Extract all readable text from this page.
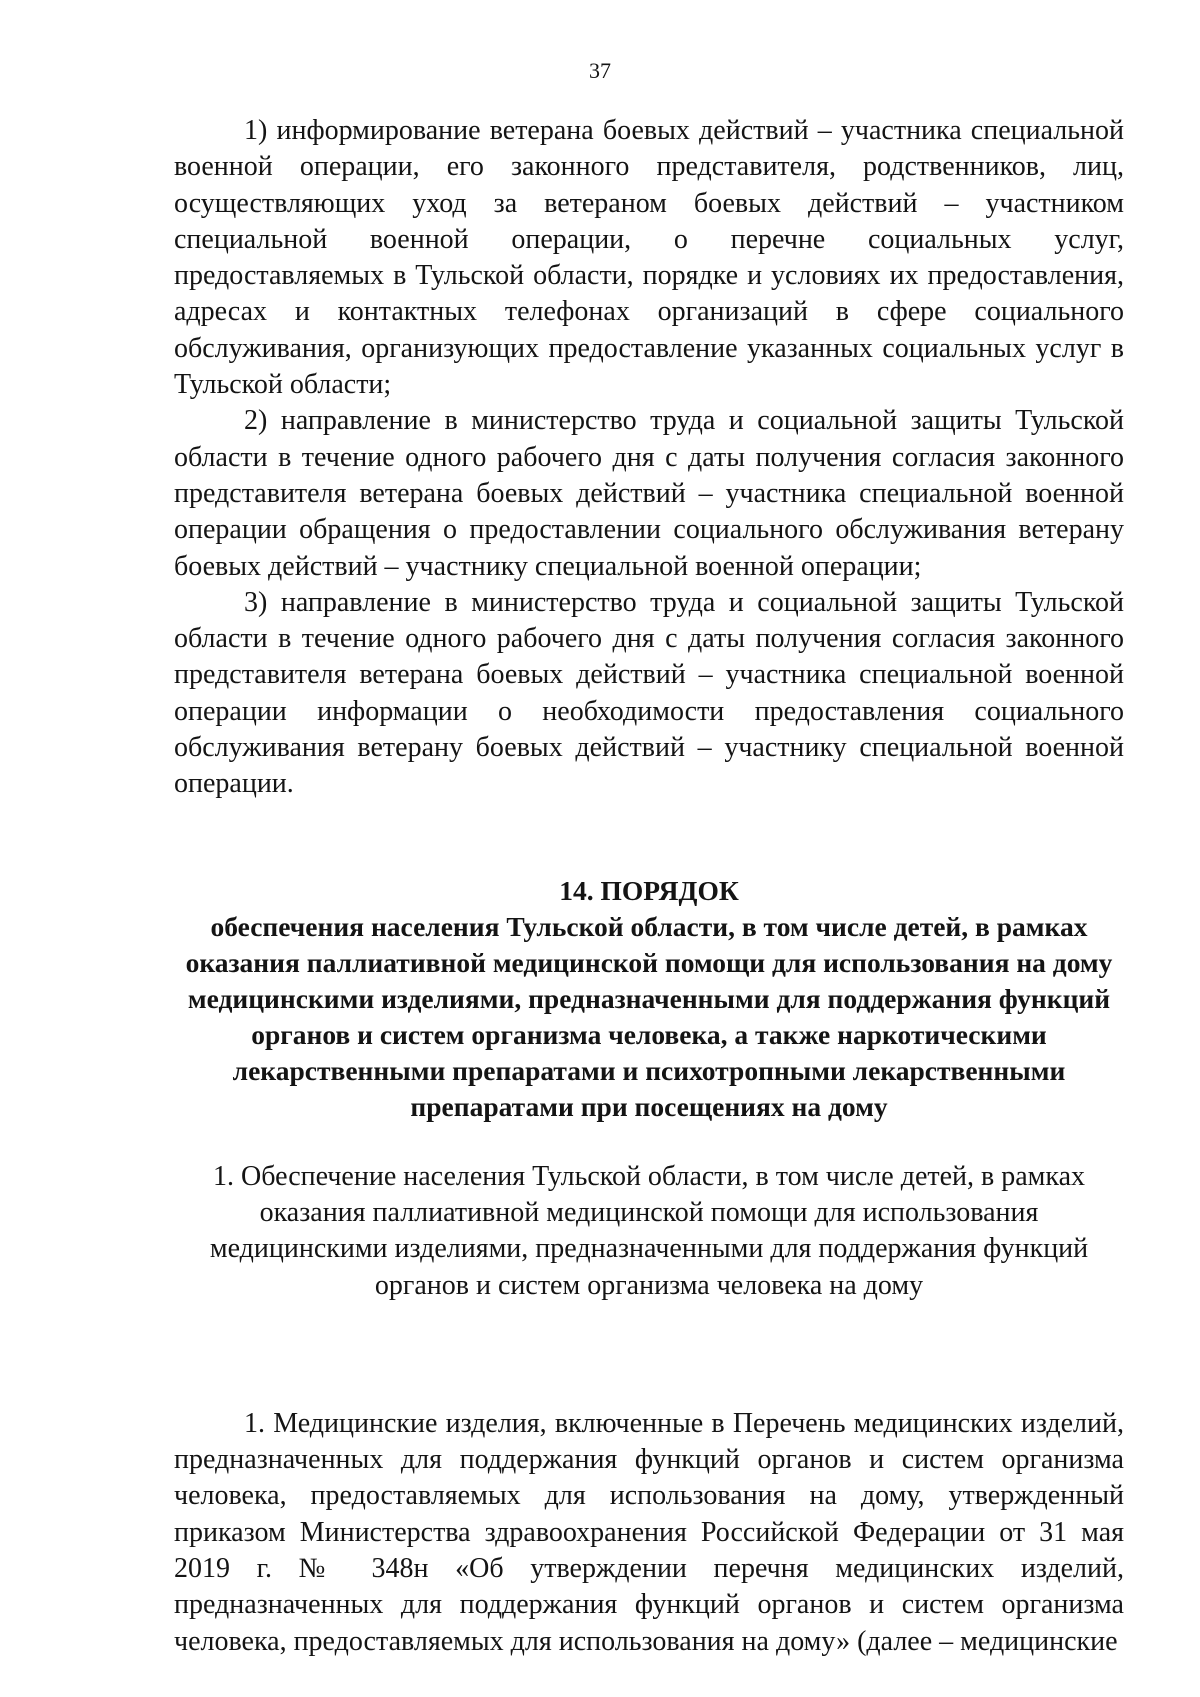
37

1) информирование ветерана боевых действий – участника специальной военной операции, его законного представителя, родственников, лиц, осуществляющих уход за ветераном боевых действий – участником специальной военной операции, о перечне социальных услуг, предоставляемых в Тульской области, порядке и условиях их предоставления, адресах и контактных телефонах организаций в сфере социального обслуживания, организующих предоставление указанных социальных услуг в Тульской области;

2) направление в министерство труда и социальной защиты Тульской области в течение одного рабочего дня с даты получения согласия законного представителя ветерана боевых действий – участника специальной военной операции обращения о предоставлении социального обслуживания ветерану боевых действий – участнику специальной военной операции;

3) направление в министерство труда и социальной защиты Тульской области в течение одного рабочего дня с даты получения согласия законного представителя ветерана боевых действий – участника специальной военной операции информации о необходимости предоставления социального обслуживания ветерану боевых действий – участнику специальной военной операции.

14. ПОРЯДОК
обеспечения населения Тульской области, в том числе детей, в рамках оказания паллиативной медицинской помощи для использования на дому медицинскими изделиями, предназначенными для поддержания функций органов и систем организма человека, а также наркотическими лекарственными препаратами и психотропными лекарственными препаратами при посещениях на дому
1. Обеспечение населения Тульской области, в том числе детей, в рамках оказания паллиативной медицинской помощи для использования медицинскими изделиями, предназначенными для поддержания функций органов и систем организма человека на дому

1. Медицинские изделия, включенные в Перечень медицинских изделий, предназначенных для поддержания функций органов и систем организма человека, предоставляемых для использования на дому, утвержденный приказом Министерства здравоохранения Российской Федерации от 31 мая 2019 г. № 348н «Об утверждении перечня медицинских изделий, предназначенных для поддержания функций органов и систем организма человека, предоставляемых для использования на дому» (далее – медицинские
